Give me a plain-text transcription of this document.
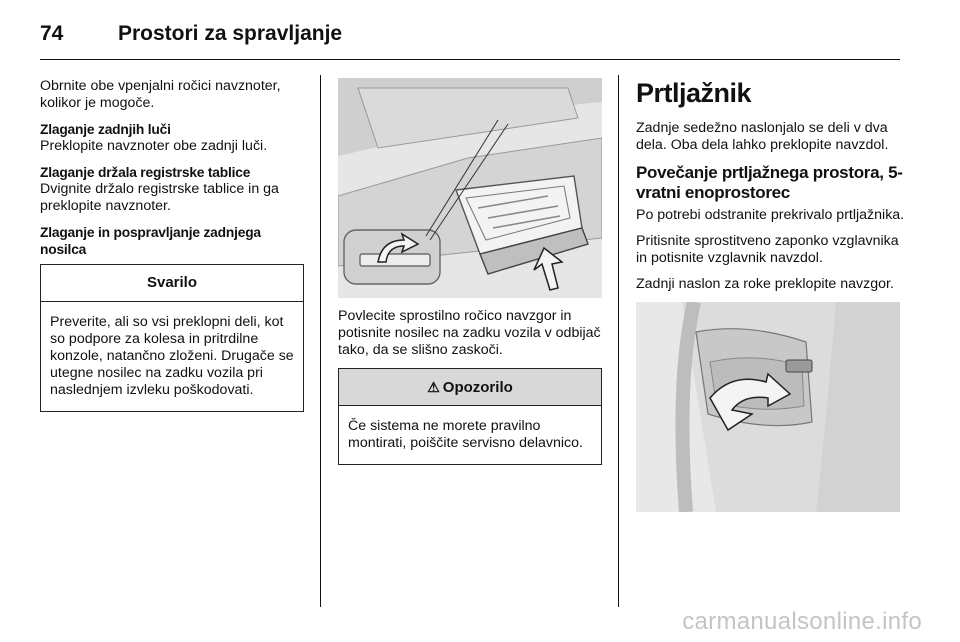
74	Prostori za spravljanje

Obrnite obe vpenjalni ročici navznoter, kolikor je mogoče.

Zlaganje zadnjih luči

Preklopite navznoter obe zadnji luči.

Zlaganje držala registrske tablice

Dvignite držalo registrske tablice in ga preklopite navznoter.

Zlaganje in pospravljanje zadnjega nosilca
Svarilo
Preverite, ali so vsi preklopni deli, kot so podpore za kolesa in pritrdilne konzole, natančno zloženi. Drugače se utegne nosilec na zadku vozila pri naslednjem izvleku poškodovati.

Povlecite sprostilno ročico navzgor in potisnite nosilec na zadku vozila v odbijač tako, da se slišno zaskoči.

⚠ Opozorilo
Če sistema ne morete pravilno montirati, poiščite servisno delavnico.
Prtljažnik

Zadnje sedežno naslonjalo se deli v dva dela. Oba dela lahko preklopite navzdol.

Povečanje prtljažnega prostora, 5-vratni enoprostorec

Po potrebi odstranite prekrivalo prtljažnika.

Pritisnite sprostitveno zaponko vzglavnika in potisnite vzglavnik navzdol.

Zadnji naslon za roke preklopite navzgor.

carmanualsonline.info
